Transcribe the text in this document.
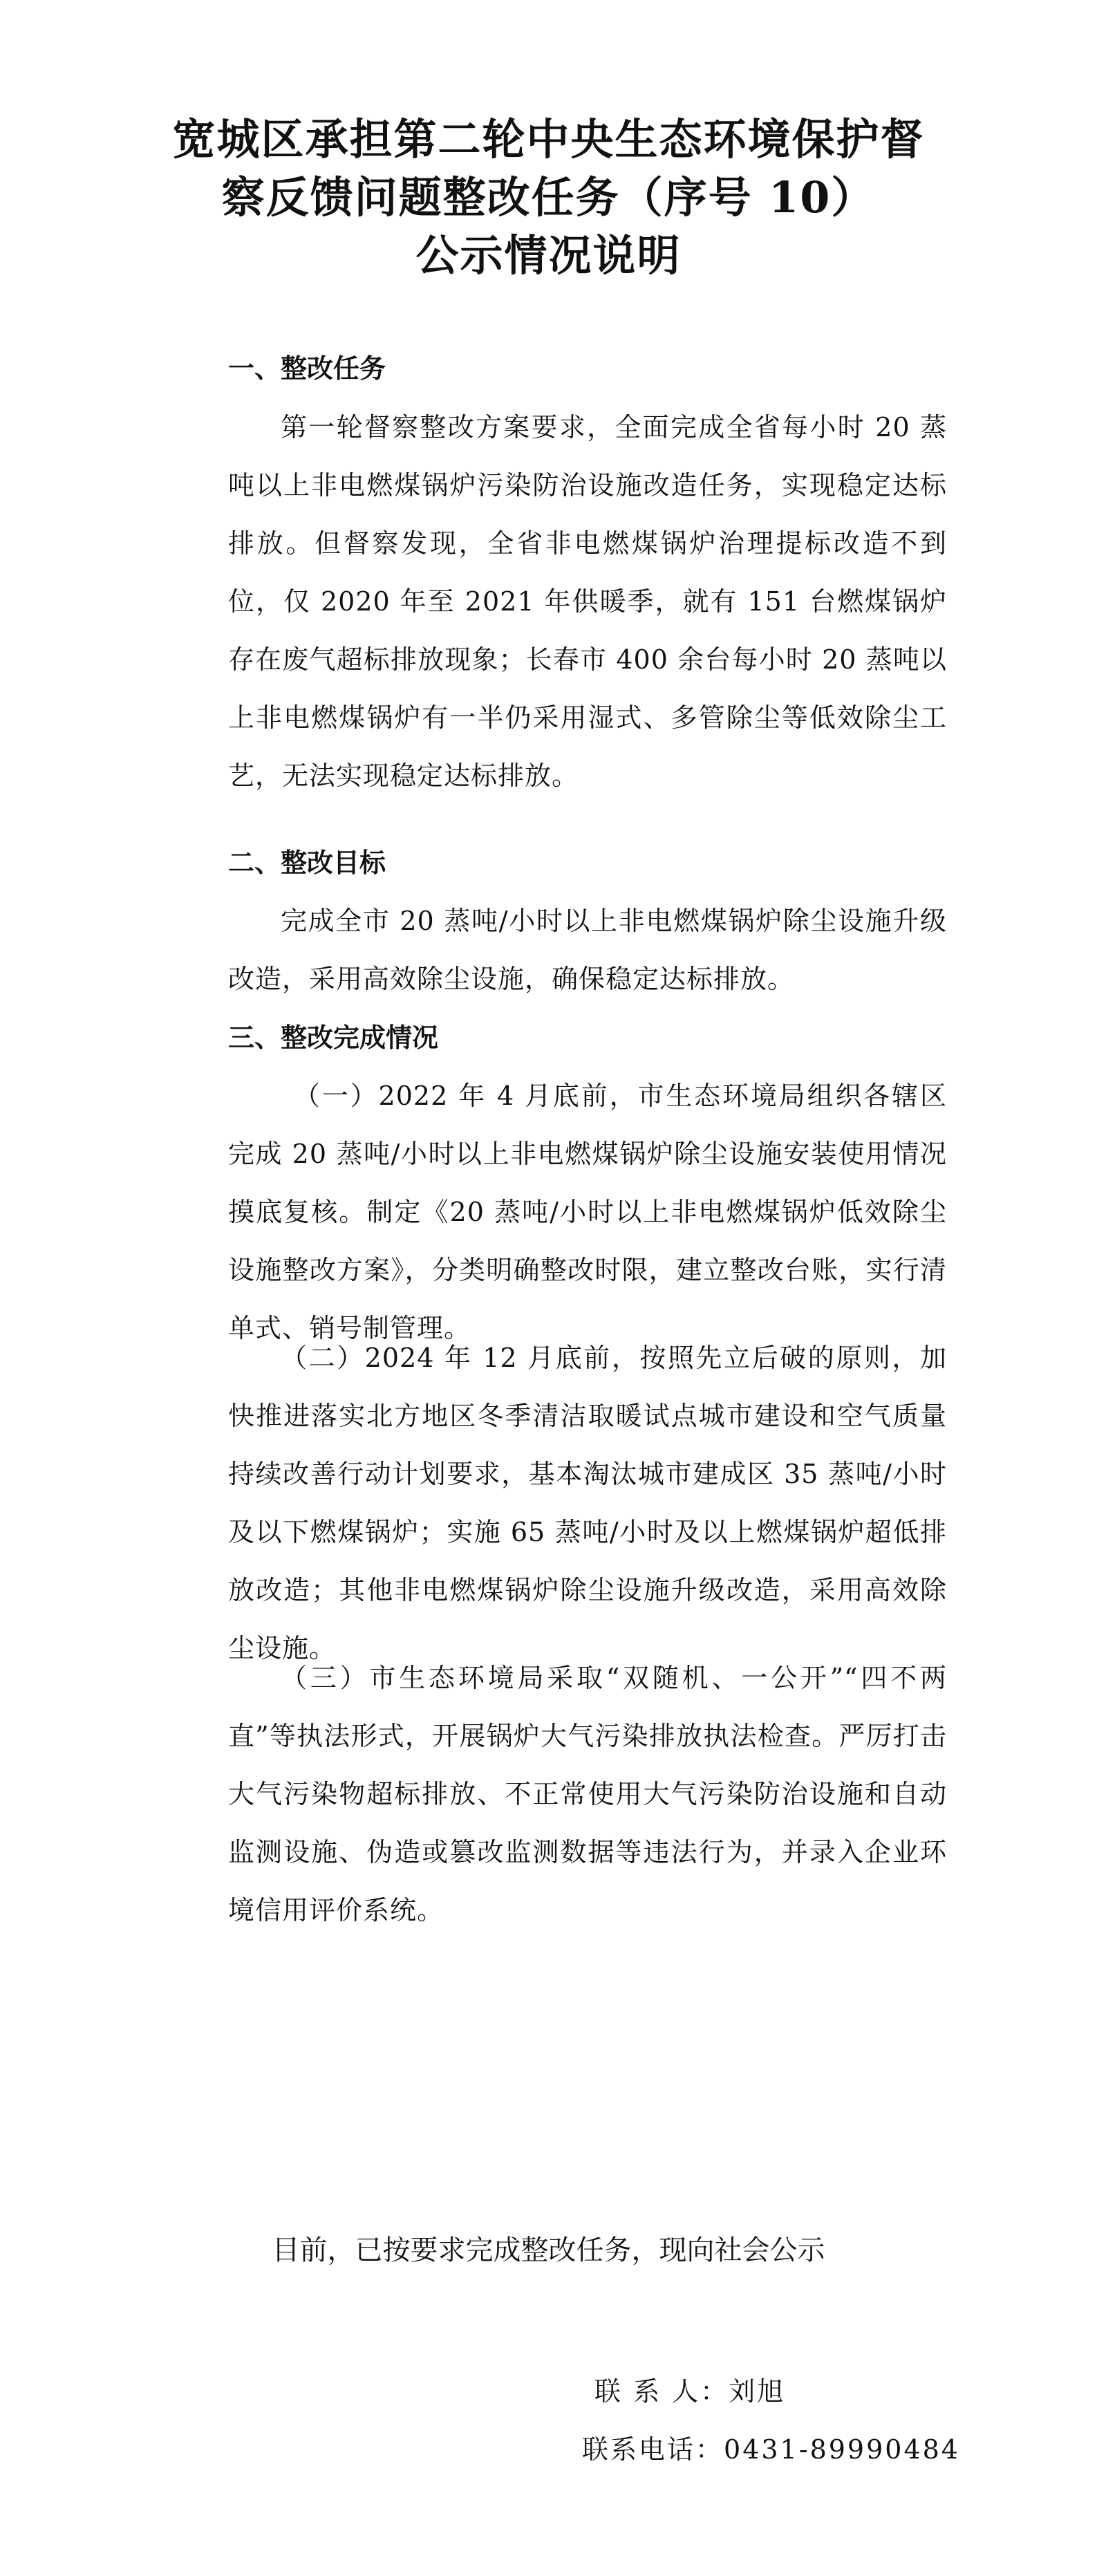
宽城区承担第二轮中央生态环境保护督
察反馈问题整改任务（序号 10）
公示情况说明
一、整改任务
第一轮督察整改方案要求，全面完成全省每小时 20 蒸吨以上非电燃煤锅炉污染防治设施改造任务，实现稳定达标排放。但督察发现，全省非电燃煤锅炉治理提标改造不到位，仅 2020 年至 2021 年供暖季，就有 151 台燃煤锅炉存在废气超标排放现象；长春市 400 余台每小时 20 蒸吨以上非电燃煤锅炉有一半仍采用湿式、多管除尘等低效除尘工艺，无法实现稳定达标排放。
二、整改目标
完成全市 20 蒸吨/小时以上非电燃煤锅炉除尘设施升级改造，采用高效除尘设施，确保稳定达标排放。
三、整改完成情况
（一）2022 年 4 月底前，市生态环境局组织各辖区完成 20 蒸吨/小时以上非电燃煤锅炉除尘设施安装使用情况摸底复核。制定《20 蒸吨/小时以上非电燃煤锅炉低效除尘设施整改方案》，分类明确整改时限，建立整改台账，实行清单式、销号制管理。
（二）2024 年 12 月底前，按照先立后破的原则，加快推进落实北方地区冬季清洁取暖试点城市建设和空气质量持续改善行动计划要求，基本淘汰城市建成区 35 蒸吨/小时及以下燃煤锅炉；实施 65 蒸吨/小时及以上燃煤锅炉超低排放改造；其他非电燃煤锅炉除尘设施升级改造，采用高效除尘设施。
（三）市生态环境局采取“双随机、一公开”“四不两直”等执法形式，开展锅炉大气污染排放执法检查。严厉打击大气污染物超标排放、不正常使用大气污染防治设施和自动监测设施、伪造或篡改监测数据等违法行为，并录入企业环境信用评价系统。
目前，已按要求完成整改任务，现向社会公示
联 系 人：刘旭
联系电话：0431-89990484
